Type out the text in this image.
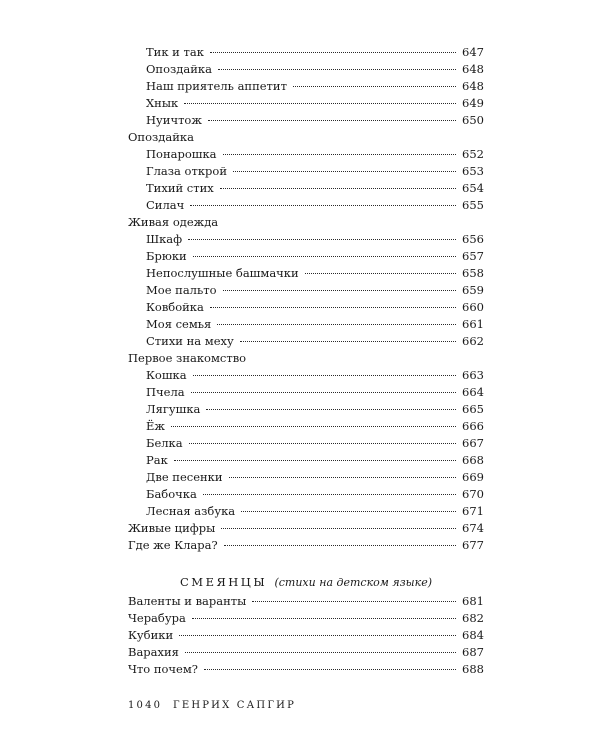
Тик и так	647
Опоздайка	648
Наш приятель аппетит	648
Хнык	649
Нуичтож	650
Опоздайка
Понарошка	652
Глаза открой	653
Тихий стих	654
Силач	655
Живая одежда
Шкаф	656
Брюки	657
Непослушные башмачки	658
Мое пальто	659
Ковбойка	660
Моя семья	661
Стихи на меху	662
Первое знакомство
Кошка	663
Пчела	664
Лягушка	665
Ёж	666
Белка	667
Рак	668
Две песенки	669
Бабочка	670
Лесная азбука	671
Живые цифры	674
Где же Клара?	677
СМЕЯНЦЫ (стихи на детском языке)
Валенты и варанты	681
Черабура	682
Кубики	684
Варахия	687
Что почем?	688
1040 ГЕНРИХ САПГИР
